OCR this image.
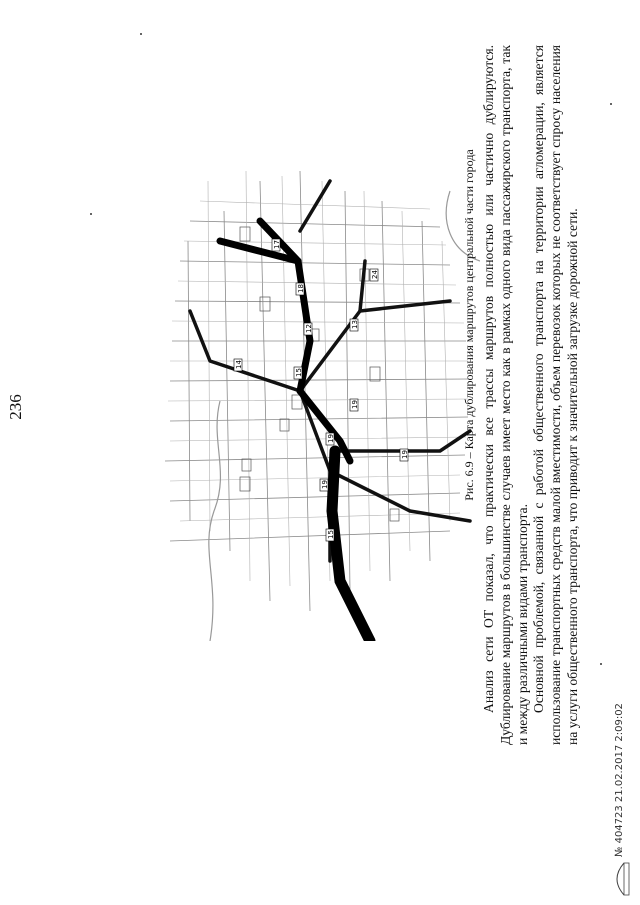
236
19
19
15
12
18
17
19
14
13
15
19
24	Рис. 6.9 – Карта дублирования маршрутов центральной части города Анализ сети ОТ показал, что практически все трассы маршрутов полностью или частично дублируются. Дублирование маршрутов в большинстве случаев имеет место как в рамках одного вида пассажирского транспорта, так и между различными видами транспорта. Основной проблемой, связанной с работой общественного транспорта на территории агломерации, является использование транспортных средств малой вместимости, объем перевозок которых не соответствует спросу населения на услуги общественного транспорта, что приводит к значительной загрузке дорожной сети.

№ 404723 21.02.2017 2:09:02
